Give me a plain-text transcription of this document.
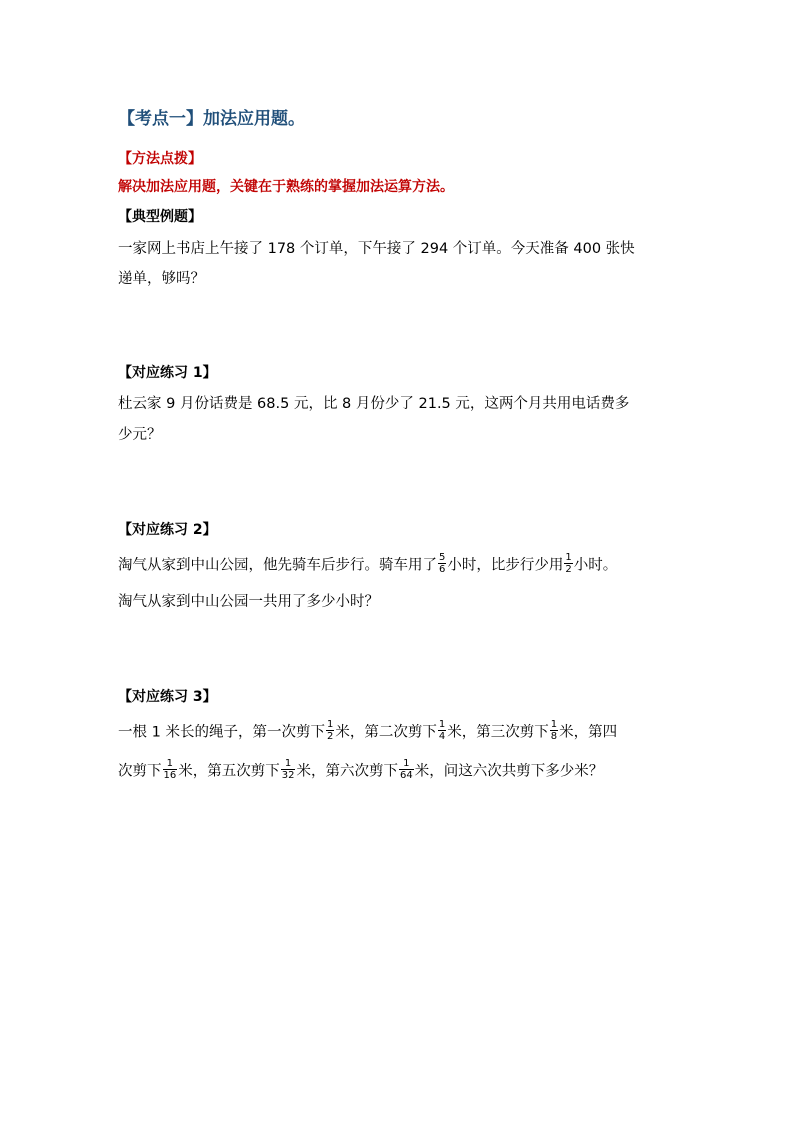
【考点一】加法应用题。
【方法点拨】
解决加法应用题，关键在于熟练的掌握加法运算方法。
【典型例题】
一家网上书店上午接了 178 个订单，下午接了 294 个订单。今天准备 400 张快
递单，够吗？
【对应练习 1】
杜云家 9 月份话费是 68.5 元，比 8 月份少了 21.5 元，这两个月共用电话费多
少元？
【对应练习 2】
淘气从家到中山公园，他先骑车后步行。骑车用了 $\frac{5}{6}$ 小时，比步行少用 $\frac{1}{2}$ 小时。
淘气从家到中山公园一共用了多少小时？
【对应练习 3】
一根 1 米长的绳子，第一次剪下 $\frac{1}{2}$ 米，第二次剪下 $\frac{1}{4}$ 米，第三次剪下 $\frac{1}{8}$ 米，第四
次剪下 $\frac{1}{16}$ 米，第五次剪下 $\frac{1}{32}$ 米，第六次剪下 $\frac{1}{64}$ 米，问这六次共剪下多少米？
